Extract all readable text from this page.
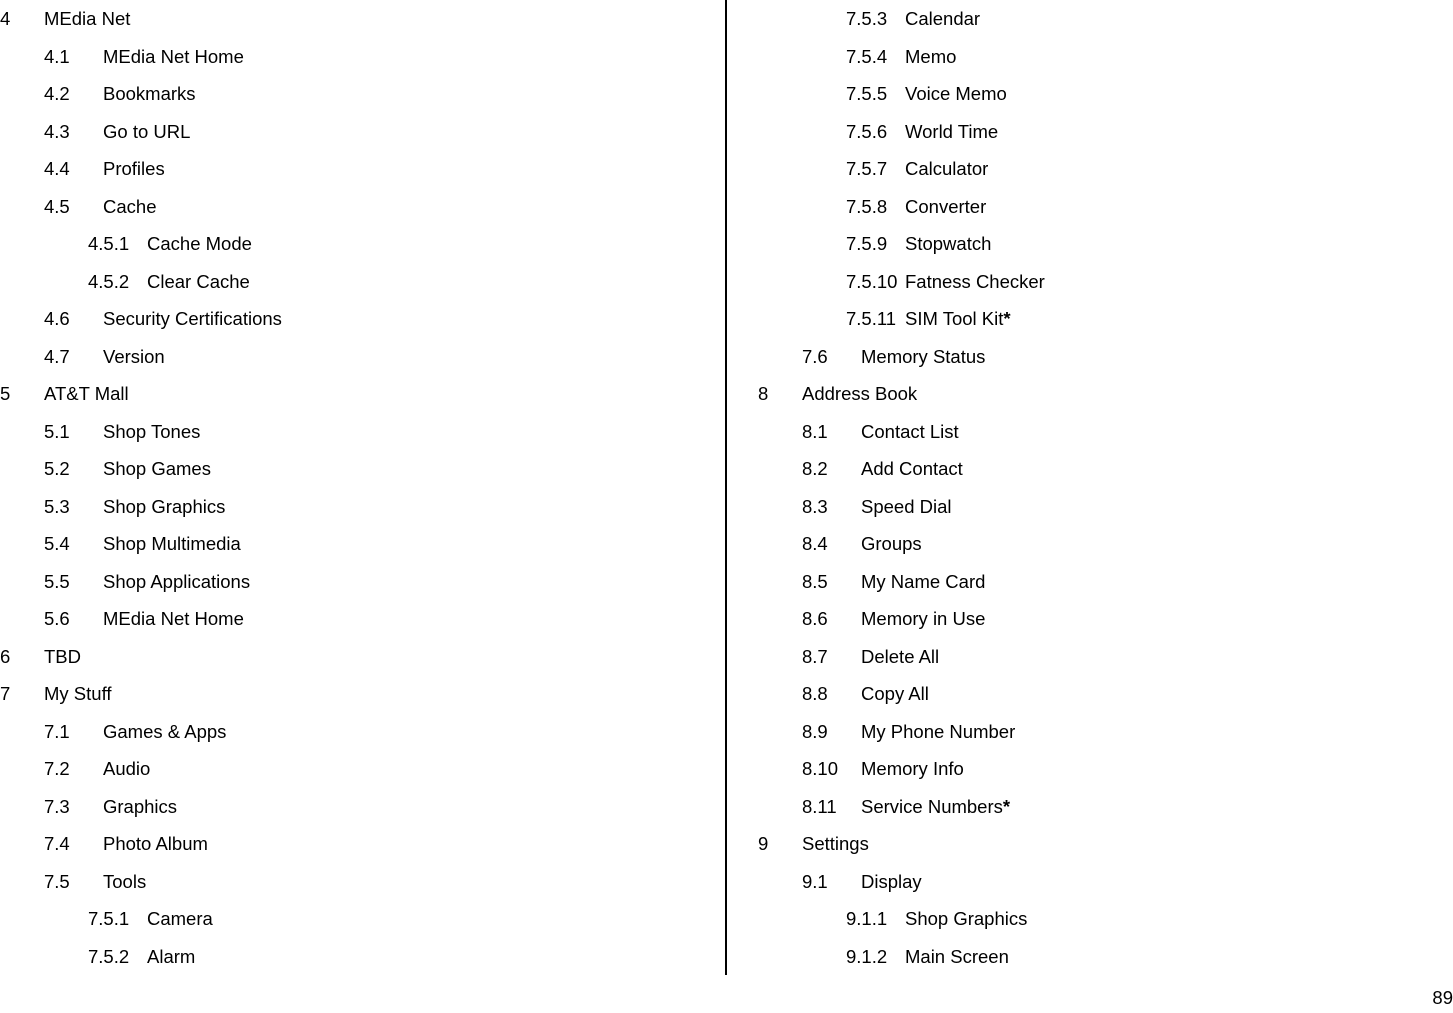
4 MEdia Net
4.1 MEdia Net Home
4.2 Bookmarks
4.3 Go to URL
4.4 Profiles
4.5 Cache
4.5.1 Cache Mode
4.5.2 Clear Cache
4.6 Security Certifications
4.7 Version
5 AT&T Mall
5.1 Shop Tones
5.2 Shop Games
5.3 Shop Graphics
5.4 Shop Multimedia
5.5 Shop Applications
5.6 MEdia Net Home
6 TBD
7 My Stuff
7.1 Games & Apps
7.2 Audio
7.3 Graphics
7.4 Photo Album
7.5 Tools
7.5.1 Camera
7.5.2 Alarm
7.5.3 Calendar
7.5.4 Memo
7.5.5 Voice Memo
7.5.6 World Time
7.5.7 Calculator
7.5.8 Converter
7.5.9 Stopwatch
7.5.10 Fatness Checker
7.5.11 SIM Tool Kit*
7.6 Memory Status
8 Address Book
8.1 Contact List
8.2 Add Contact
8.3 Speed Dial
8.4 Groups
8.5 My Name Card
8.6 Memory in Use
8.7 Delete All
8.8 Copy All
8.9 My Phone Number
8.10 Memory Info
8.11 Service Numbers*
9 Settings
9.1 Display
9.1.1 Shop Graphics
9.1.2 Main Screen
89
